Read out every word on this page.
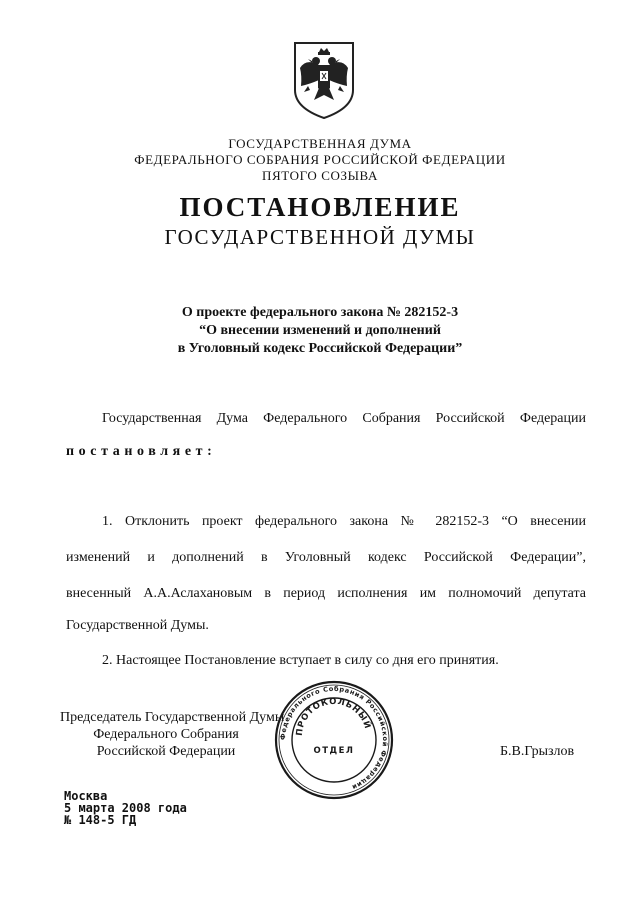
ГОСУДАРСТВЕННАЯ ДУМА
ФЕДЕРАЛЬНОГО СОБРАНИЯ РОССИЙСКОЙ ФЕДЕРАЦИИ
ПЯТОГО СОЗЫВА
ПОСТАНОВЛЕНИЕ
ГОСУДАРСТВЕННОЙ ДУМЫ
О проекте федерального закона № 282152-3
“О внесении изменений и дополнений
в Уголовный кодекс Российской Федерации”
Государственная Дума Федерального Собрания Российской Федерации
постановляет:
1. Отклонить проект федерального закона № 282152-3 “О внесении
изменений и дополнений в Уголовный кодекс Российской Федерации”,
внесенный А.А.Аслахановым в период исполнения им полномочий депутата
Государственной Думы.
2. Настоящее Постановление вступает в силу со дня его принятия.
Председатель Государственной Думы
Федерального Собрания
Российской Федерации	Б.В.Грызлов
Федерального Собрания Российской Федерации
ПРОТОКОЛЬНЫЙ
ОТДЕЛ
Москва
5 марта 2008 года
№ 148-5 ГД
